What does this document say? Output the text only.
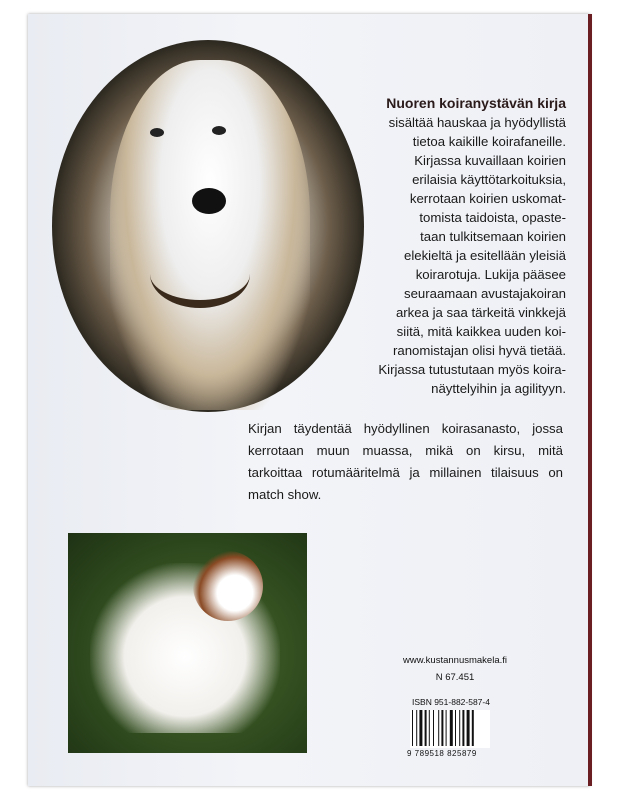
Nuoren koiranystävän kirja
sisältää hauskaa ja hyödyllistä
tietoa kaikille koirafaneille.
Kirjassa kuvaillaan koirien
erilaisia käyttötarkoituksia,
kerrotaan koirien uskomat-
tomista taidoista, opaste-
taan tulkitsemaan koirien
elekieltä ja esitellään yleisiä
koirarotuja. Lukija pääsee
seuraamaan avustajakoiran
arkea ja saa tärkeitä vinkkejä
siitä, mitä kaikkea uuden koi-
ranomistajan olisi hyvä tietää.
Kirjassa tutustutaan myös koira-
näyttelyihin ja agilityyn.
Kirjan täydentää hyödyllinen koirasanasto, jossa kerrotaan muun muassa, mikä on kirsu, mitä tarkoittaa rotumääritelmä ja millainen tilaisuus on match show.
www.kustannusmakela.fi
N 67.451
ISBN 951-882-587-4
9 789518 825879
